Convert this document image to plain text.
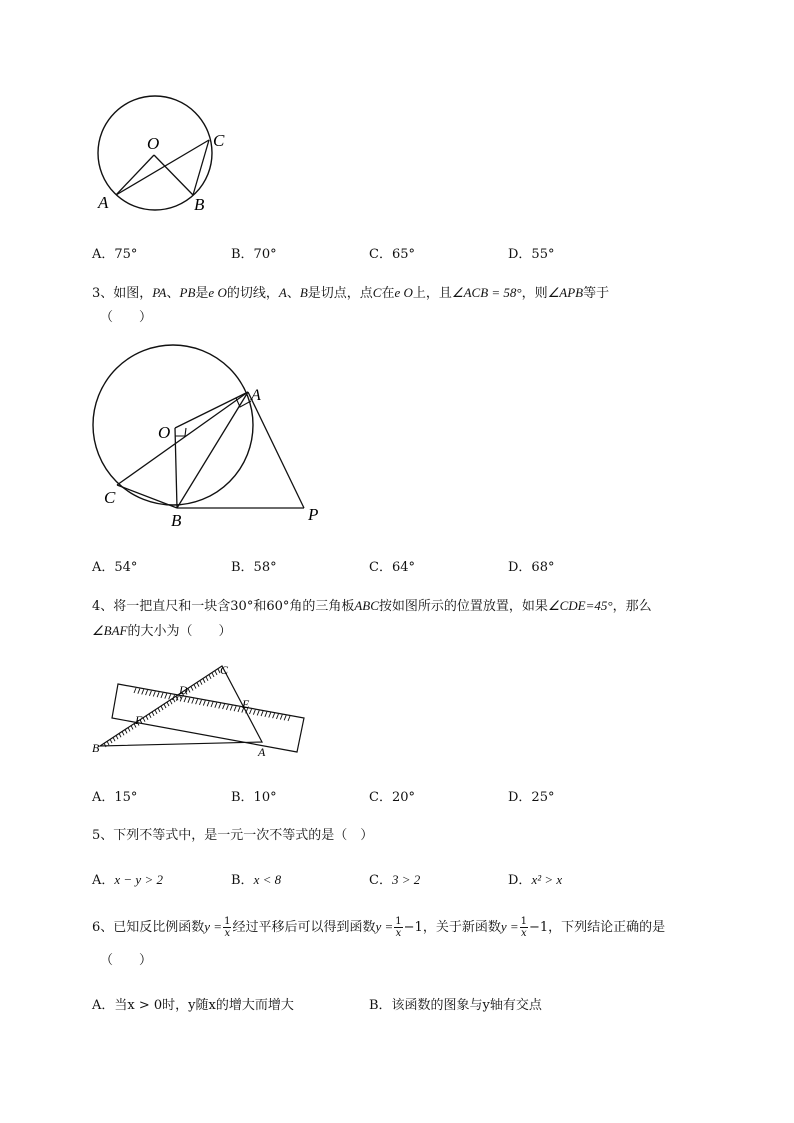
O	C
A	B
A．75°	B．70°	C．65°	D．55°
3、如图，PA、PB是e O的切线，A、B是切点，点C在e O上，且∠ACB = 58°，则∠APB等于
（　　）
A
O
C
B	P
A．54°	B．58°	C．64°	D．68°
4、将一把直尺和一块含30°和60°角的三角板ABC按如图所示的位置放置，如果∠CDE=45°，那么
∠BAF的大小为（　　）
C
D
E
F
B	A
A．15°	B．10°	C．20°	D．25°
5、下列不等式中，是一元一次不等式的是（　）
A．x − y > 2	B．x < 8	C．3 > 2	D．x² > x
6、已知反比例函数$y = \frac{1}{x}$ 经过平移后可以得到函数$y = \frac{1}{x} -1$，关于新函数$y = \frac{1}{x} -1$，下列结论正确的是
（　　）
A．当x > 0时，y随x的增大而增大	B．该函数的图象与y轴有交点
